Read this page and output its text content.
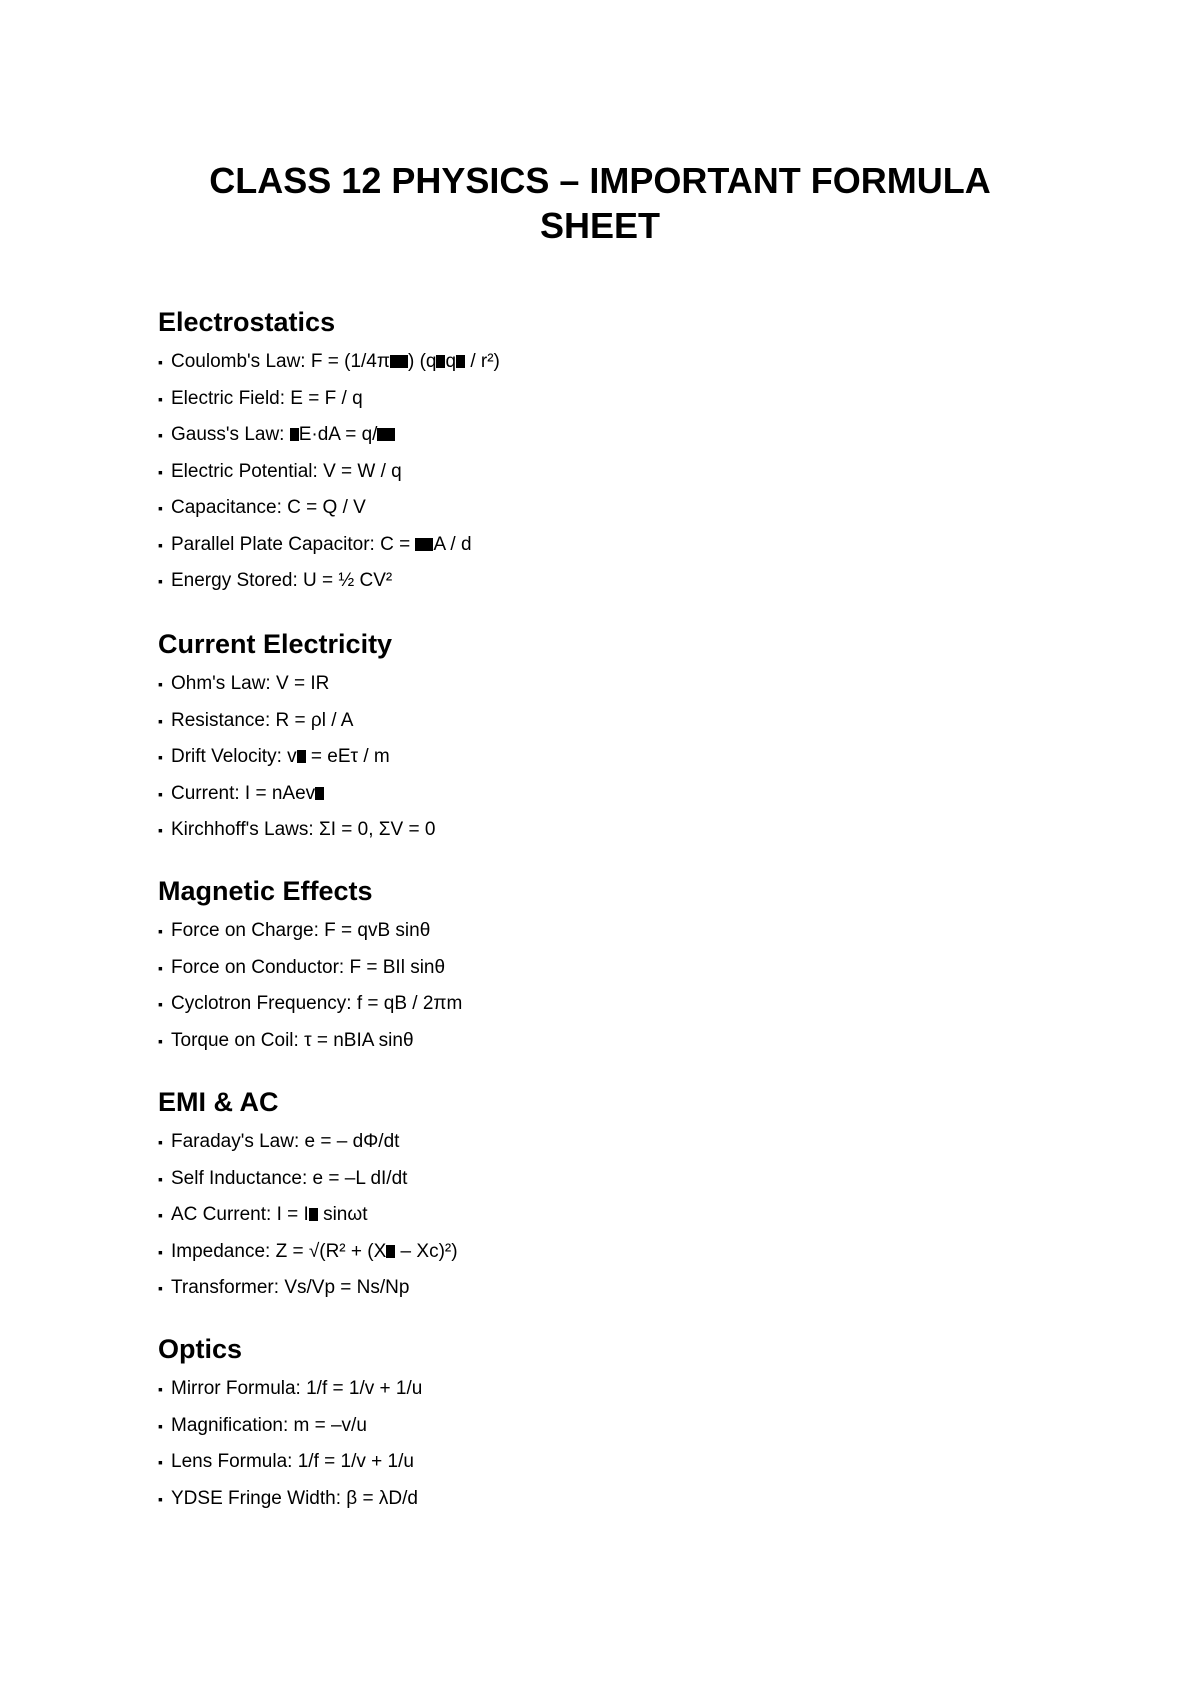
CLASS 12 PHYSICS – IMPORTANT FORMULA SHEET
Electrostatics
▪ Coulomb's Law: F = (1/4π ) (q q / r²)
▪ Electric Field: E = F / q
▪ Gauss's Law: E·dA = q/
▪ Electric Potential: V = W / q
▪ Capacitance: C = Q / V
▪ Parallel Plate Capacitor: C = A / d
▪ Energy Stored: U = ½ CV²
Current Electricity
▪ Ohm's Law: V = IR
▪ Resistance: R = ρl / A
▪ Drift Velocity: v = eEτ / m
▪ Current: I = nAev
▪ Kirchhoff's Laws: ΣI = 0, ΣV = 0
Magnetic Effects
▪ Force on Charge: F = qvB sinθ
▪ Force on Conductor: F = BIl sinθ
▪ Cyclotron Frequency: f = qB / 2πm
▪ Torque on Coil: τ = nBIA sinθ
EMI & AC
▪ Faraday's Law: e = – dΦ/dt
▪ Self Inductance: e = –L dI/dt
▪ AC Current: I = I sinωt
▪ Impedance: Z = √(R² + (X – Xc)²)
▪ Transformer: Vs/Vp = Ns/Np
Optics
▪ Mirror Formula: 1/f = 1/v + 1/u
▪ Magnification: m = –v/u
▪ Lens Formula: 1/f = 1/v + 1/u
▪ YDSE Fringe Width: β = λD/d
